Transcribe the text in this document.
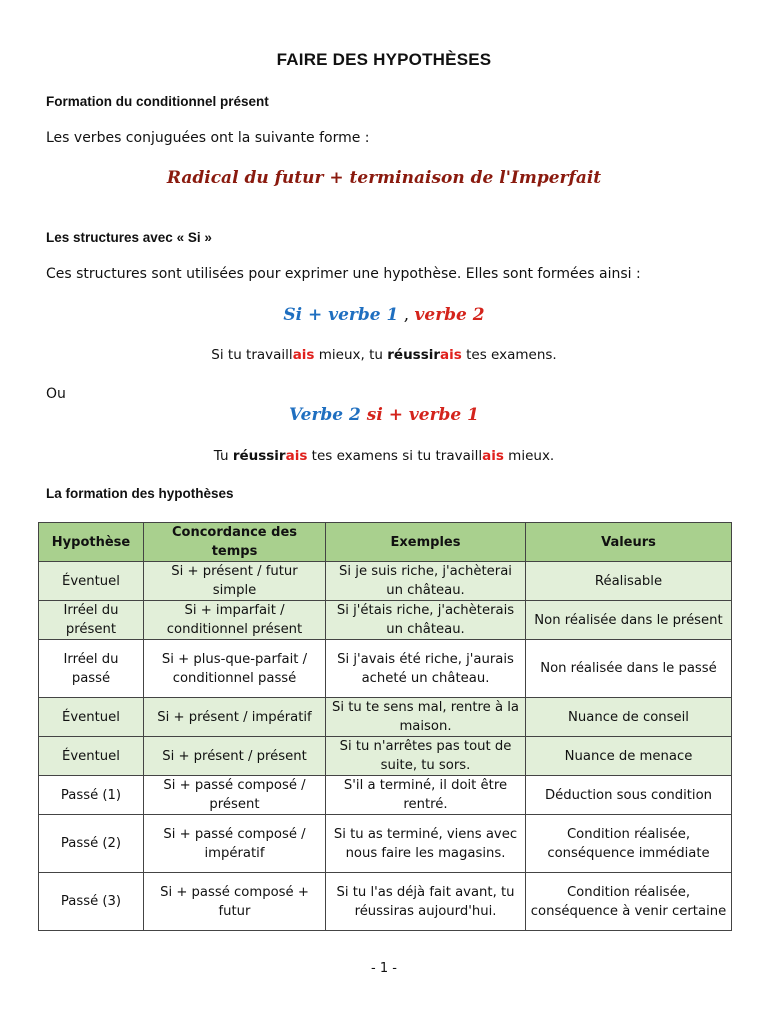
FAIRE DES HYPOTHÈSES
Formation du conditionnel présent
Les verbes conjuguées ont la suivante forme :
Radical du futur + terminaison de l'Imperfait
Les structures avec « Si »
Ces structures sont utilisées pour exprimer une hypothèse. Elles sont formées ainsi :
Si + verbe 1 , verbe 2
Si tu travaillais mieux, tu réussirais tes examens.
Ou
Verbe 2 si + verbe 1
Tu réussirais tes examens si tu travaillais mieux.
La formation des hypothèses
Hypothèse	Concordance des temps	Exemples	Valeurs
Éventuel	Si + présent / futur simple	Si je suis riche, j'achèterai un château.	Réalisable
Irréel du présent	Si + imparfait / conditionnel présent	Si j'étais riche, j'achèterais un château.	Non réalisée dans le présent
Irréel du passé	Si + plus-que-parfait / conditionnel passé	Si j'avais été riche, j'aurais acheté un château.	Non réalisée dans le passé
Éventuel	Si + présent / impératif	Si tu te sens mal, rentre à la maison.	Nuance de conseil
Éventuel	Si + présent / présent	Si tu n'arrêtes pas tout de suite, tu sors.	Nuance de menace
Passé (1)	Si + passé composé / présent	S'il a terminé, il doit être rentré.	Déduction sous condition
Passé (2)	Si + passé composé / impératif	Si tu as terminé, viens avec nous faire les magasins.	Condition réalisée, conséquence immédiate
Passé (3)	Si + passé composé + futur	Si tu l'as déjà fait avant, tu réussiras aujourd'hui.	Condition réalisée, conséquence à venir certaine
- 1 -
